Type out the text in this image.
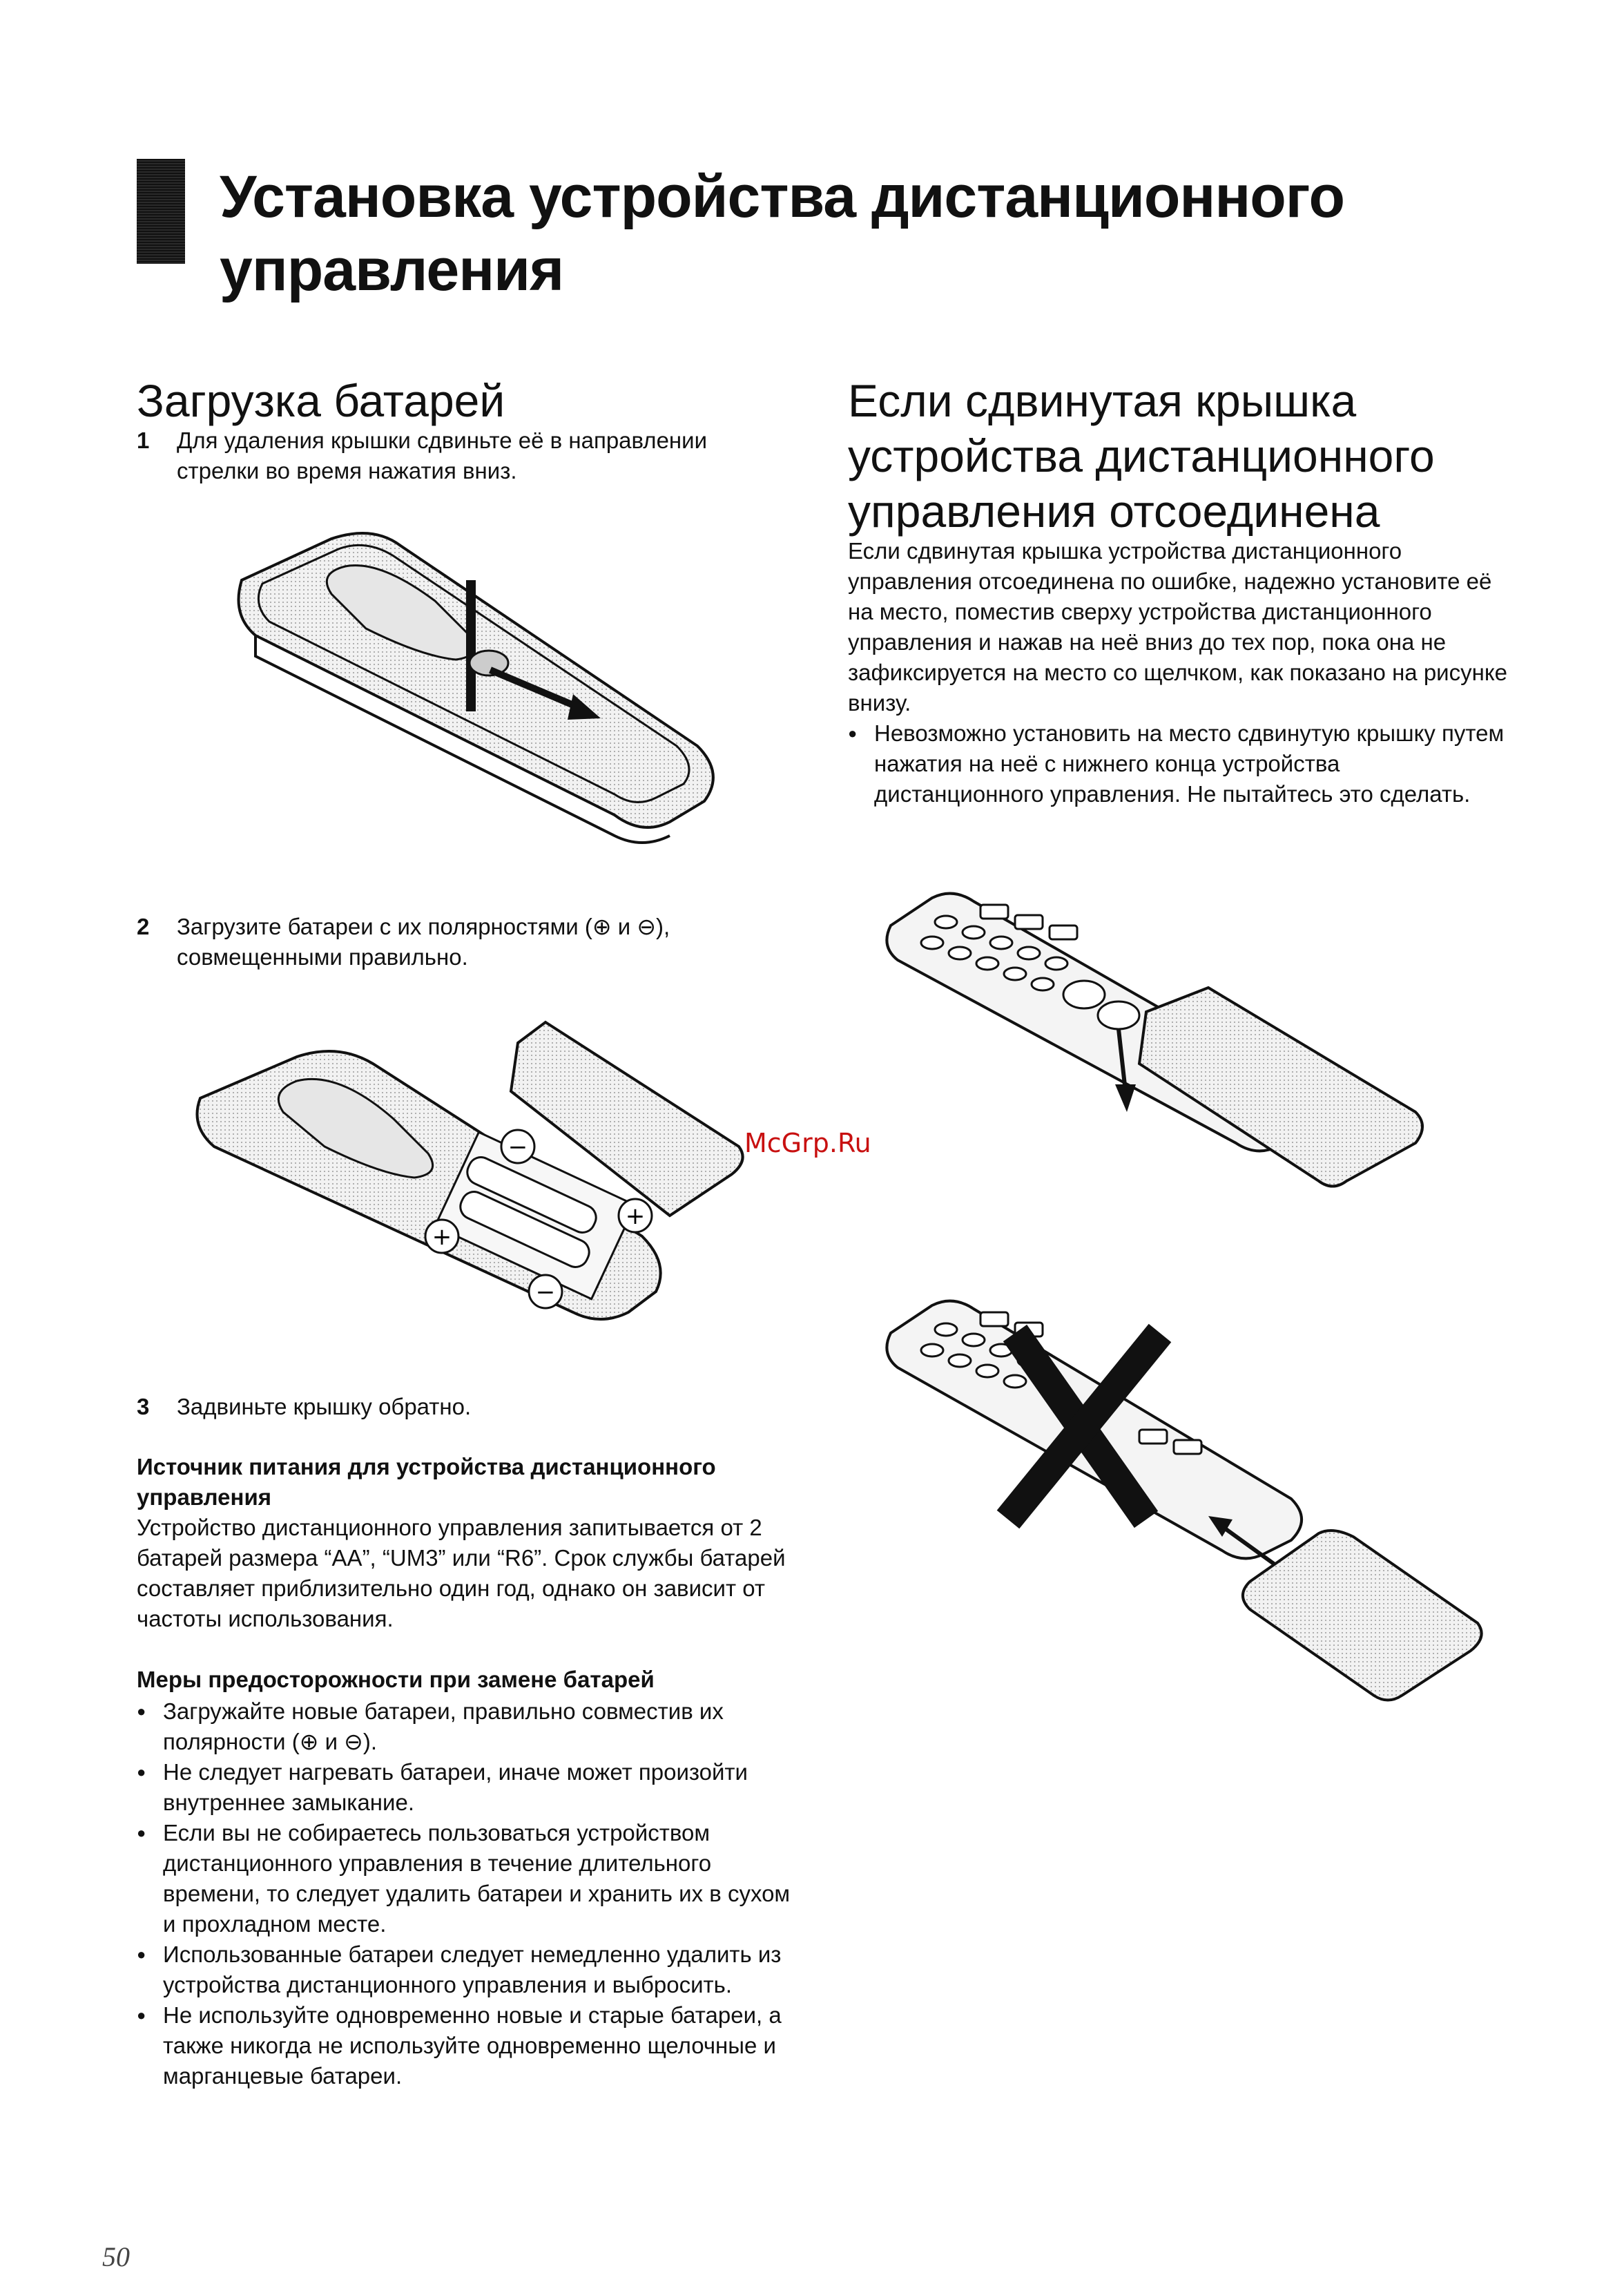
Установка устройства дистанционного управления
Загрузка батарей
1 Для удаления крышки сдвиньте её в направлении стрелки во время нажатия вниз.
2 Загрузите батареи с их полярностями (⊕ и ⊖), совмещенными правильно.
−
+
+
−
3 Задвиньте крышку обратно.
Источник питания для устройства дистанционного управления
Устройство дистанционного управления запитывается от 2 батарей размера “AA”, “UM3” или “R6”. Срок службы батарей составляет приблизительно один год, однако он зависит от частоты использования.
Меры предосторожности при замене батарей
● Загружайте новые батареи, правильно совместив их полярности (⊕ и ⊖).
● Не следует нагревать батареи, иначе может произойти внутреннее замыкание.
● Если вы не собираетесь пользоваться устройством дистанционного управления в течение длительного времени, то следует удалить батареи и хранить их в сухом и прохладном месте.
● Использованные батареи следует немедленно удалить из устройства дистанционного управления и выбросить.
● Не используйте одновременно новые и старые батареи, а также никогда не используйте одновременно щелочные и марганцевые батареи.
Если сдвинутая крышка устройства дистанционного управления отсоединена
Если сдвинутая крышка устройства дистанционного управления отсоединена по ошибке, надежно установите её на место, поместив сверху устройства дистанционного управления и нажав на неё вниз до тех пор, пока она не зафиксируется на место со щелчком, как показано на рисунке внизу.
● Невозможно установить на место сдвинутую крышку путем нажатия на неё с нижнего конца устройства дистанционного управления. Не пытайтесь это сделать.
McGrp.Ru
50
